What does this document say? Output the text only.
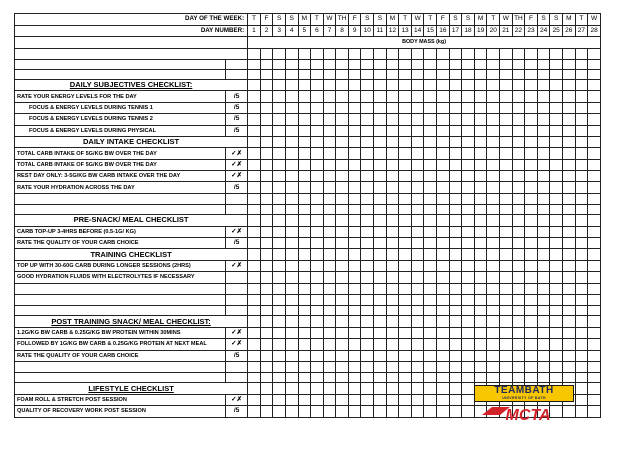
DAY OF THE WEEK:		T	F	S	S	M	T	W	TH	F	S	S	M	T	W	T	F	S	S	M	T	W	TH	F	S	S	M	T	W
DAY NUMBER:		1	2	3	4	5	6	7	8	9	10	11	12	13	14	15	16	17	18	19	20	21	22	23	24	25	26	27	28
		BODY MASS (kg)																											

DAILY SUBJECTIVES CHECKLIST:																													
RATE YOUR ENERGY LEVELS FOR THE DAY	/5																												
FOCUS & ENERGY LEVELS DURING TENNIS 1	/5																												
FOCUS & ENERGY LEVELS DURING TENNIS 2	/5																												
FOCUS & ENERGY LEVELS DURING PHYSICAL	/5																												
DAILY INTAKE CHECKLIST																													
TOTAL CARB INTAKE OF 5G/KG BW OVER THE DAY	✓✗																												
TOTAL CARB INTAKE OF 5G/KG BW OVER THE DAY	✓✗																												
REST DAY ONLY: 3-5G/KG BW CARB INTAKE OVER THE DAY	✓✗																												
RATE YOUR HYDRATION ACROSS THE DAY	/5																												

PRE-SNACK/ MEAL CHECKLIST																													
CARB TOP-UP 3-4HRS BEFORE (0.5-1G/ KG)	✓✗																												
RATE THE QUALITY OF YOUR CARB CHOICE	/5																												
TRAINING CHECKLIST																													
TOP UP WITH 30-60G CARB DURING LONGER SESSIONS (2HRS)	✓✗																												
GOOD HYDRATION FLUIDS WITH ELECTROLYTES IF NECESSARY																													

POST TRAINING SNACK/ MEAL CHECKLIST:																													
1.2G/KG BW CARB & 0.25G/KG BW PROTEIN WITHIN 30MINS	✓✗																												
FOLLOWED BY 1G/KG BW CARB & 0.25G/KG PROTEIN AT NEXT MEAL	✓✗																												
RATE THE QUALITY OF YOUR CARB CHOICE	/5																												

LIFESTYLE CHECKLIST																													
FOAM ROLL & STRETCH POST SESSION	✓✗																												
QUALITY OF RECOVERY WORK POST SESSION	/5																												
TEAMBATH
UNIVERSITY OF BATH
MCTA
